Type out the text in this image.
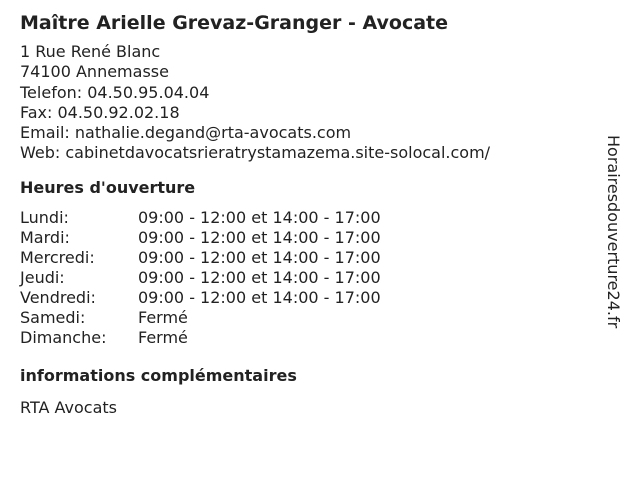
Maître Arielle Grevaz-Granger - Avocate
1 Rue René Blanc
74100 Annemasse
Telefon: 04.50.95.04.04
Fax: 04.50.92.02.18
Email: nathalie.degand@rta-avocats.com
Web: cabinetdavocatsrieratrystamazema.site-solocal.com/
Heures d'ouverture
Lundi:	09:00 - 12:00 et 14:00 - 17:00
Mardi:	09:00 - 12:00 et 14:00 - 17:00
Mercredi:	09:00 - 12:00 et 14:00 - 17:00
Jeudi:	09:00 - 12:00 et 14:00 - 17:00
Vendredi:	09:00 - 12:00 et 14:00 - 17:00
Samedi:	Fermé
Dimanche:	Fermé
informations complémentaires
RTA Avocats
Horairesdouverture24.fr
